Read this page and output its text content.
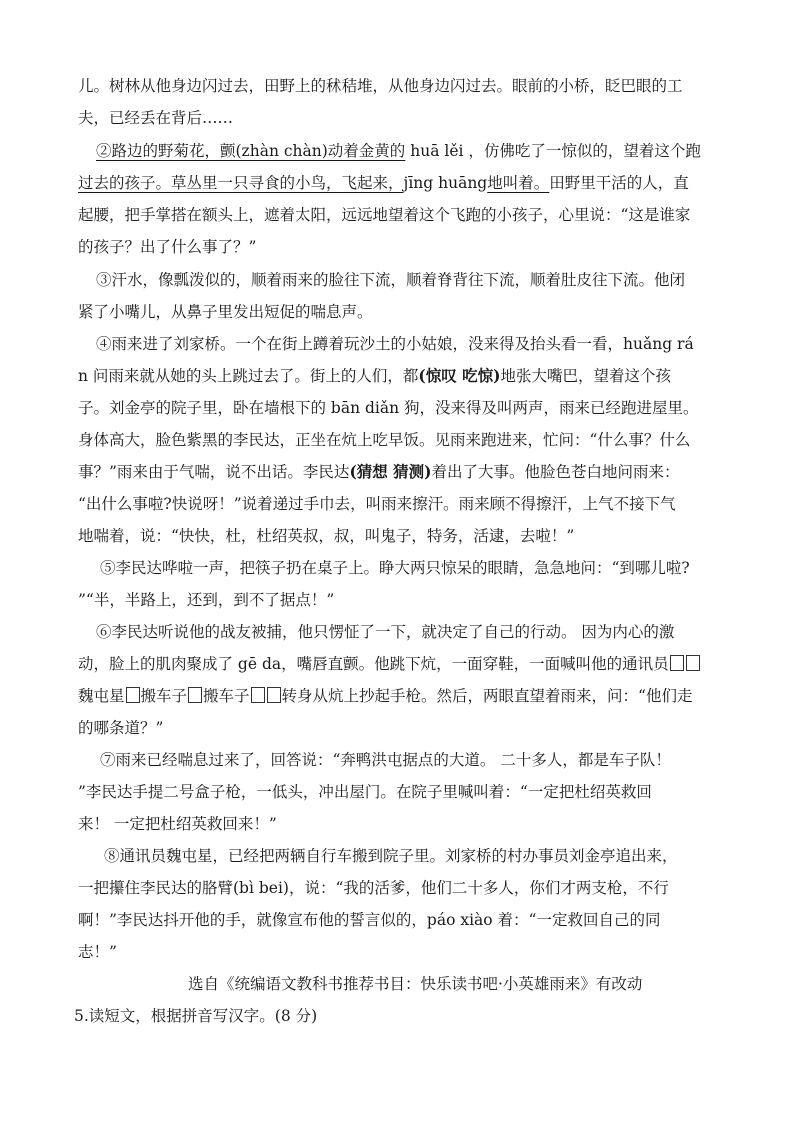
儿。树林从他身边闪过去，田野上的秫秸堆，从他身边闪过去。眼前的小桥，眨巴眼的工
夫，已经丢在背后……
②路边的野菊花，颤(zhàn chàn)动着金黄的 huā lěi ，仿佛吃了一惊似的，望着这个跑
过去的孩子。草丛里一只寻食的小鸟，飞起来，jīng huāng地叫着。田野里干活的人，直
起腰，把手掌搭在额头上，遮着太阳，远远地望着这个飞跑的小孩子，心里说：“这是谁家
的孩子？出了什么事了？”
③汗水，像瓢泼似的，顺着雨来的脸往下流，顺着脊背往下流，顺着肚皮往下流。他闭
紧了小嘴儿，从鼻子里发出短促的喘息声。
④雨来进了刘家桥。一个在街上蹲着玩沙土的小姑娘，没来得及抬头看一看，huǎng rá
n 问雨来就从她的头上跳过去了。街上的人们，都(惊叹 吃惊)地张大嘴巴，望着这个孩
子。刘金亭的院子里，卧在墙根下的 bān diǎn 狗，没来得及叫两声，雨来已经跑进屋里。
身体高大，脸色紫黑的李民达，正坐在炕上吃早饭。见雨来跑进来，忙问：“什么事？什么
事？”雨来由于气喘，说不出话。李民达(猜想 猜测)着出了大事。他脸色苍白地问雨来：
“出什么事啦?快说呀！”说着递过手巾去，叫雨来擦汗。雨来顾不得擦汗，上气不接下气
地喘着，说：“快快，杜，杜绍英叔，叔，叫鬼子，特务，活逮，去啦！”
⑤李民达哗啦一声，把筷子扔在桌子上。睁大两只惊呆的眼睛，急急地问：“到哪儿啦?
”“半，半路上，还到，到不了据点！”
⑥李民达听说他的战友被捕，他只愣怔了一下，就决定了自己的行动。 因为内心的激
动，脸上的肌肉聚成了 gē da，嘴唇直颤。他跳下炕，一面穿鞋，一面喊叫他的通讯员
魏屯星 搬车子 搬车子 转身从炕上抄起手枪。然后，两眼直望着雨来，问：“他们走
的哪条道？”
⑦雨来已经喘息过来了，回答说：“奔鸭洪屯据点的大道。 二十多人，都是车子队！
”李民达手提二号盒子枪，一低头，冲出屋门。在院子里喊叫着：“一定把杜绍英救回
来！ 一定把杜绍英救回来！”
⑧通讯员魏屯星，已经把两辆自行车搬到院子里。刘家桥的村办事员刘金亭追出来，
一把攥住李民达的胳臂(bì bei)，说：“我的活爹，他们二十多人，你们才两支枪，不行
啊！”李民达抖开他的手，就像宣布他的誓言似的，páo xiào 着：“一定救回自己的同
志！”
选自《统编语文教科书推荐书目：快乐读书吧·小英雄雨来》有改动
5.读短文，根据拼音写汉字。(8 分)
